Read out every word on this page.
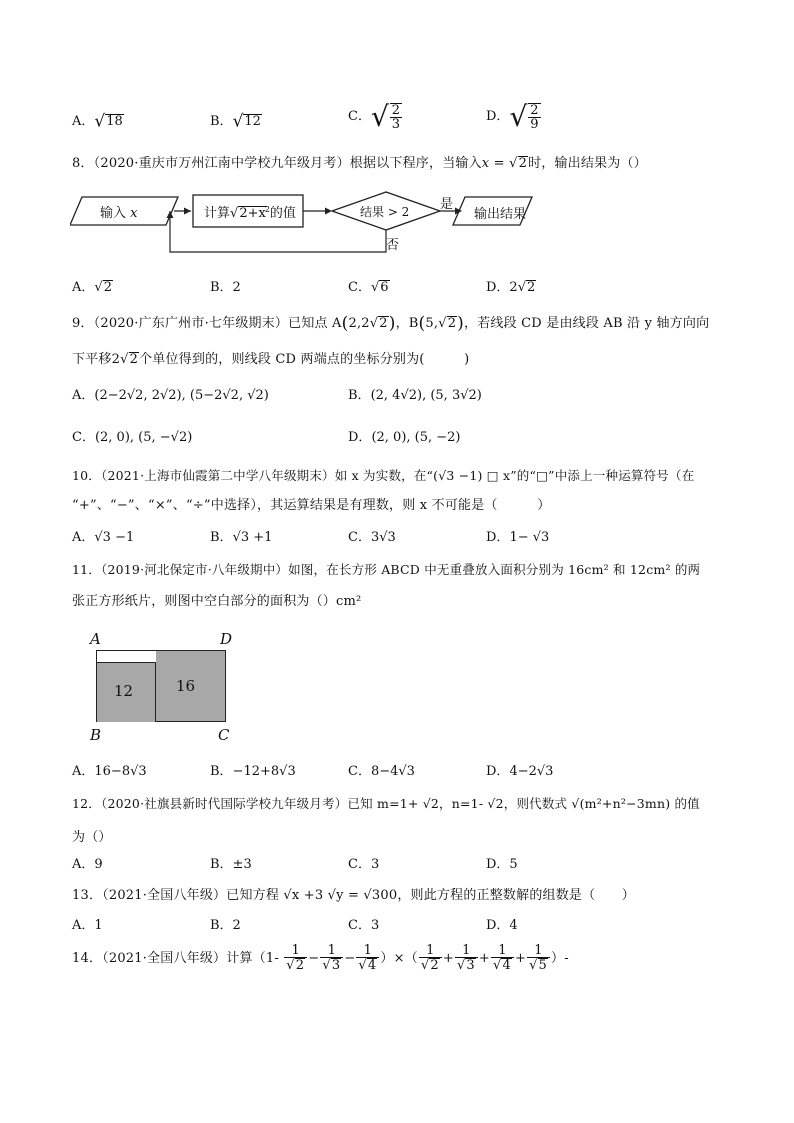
A．√18	B．√12	C．√ $\frac{2}{3}$	D．√ $\frac{2}{9}$
8．（2020·重庆市万州江南中学校九年级月考）根据以下程序，当输入x = √2时，输出结果为（）
输入 x	计算$√2+x^2$的值	结果 > 2 是
否
输出结果
A．√2	B．2	C．√6	D．2√2
9．（2020·广东广州市·七年级期末）已知点 A(2,2√2)，B(5,√2)，若线段 CD 是由线段 AB 沿 y 轴方向向
下平移2√2个单位得到的，则线段 CD 两端点的坐标分别为(　　　)
A．(2−2√2, 2√2), (5−2√2, √2)	B．(2, 4√2), (5, 3√2)
C．(2, 0), (5, −√2)	D．(2, 0), (5, −2)
10．（2021·上海市仙霞第二中学八年级期末）如 x 为实数，在“(√3 −1) □ x”的“□”中添上一种运算符号（在
“+”、“−”、“×”、“÷”中选择），其运算结果是有理数，则 x 不可能是（　　　）
A．√3 −1	B．√3 +1	C．3√3	D．1− √3
11．（2019·河北保定市·八年级期中）如图，在长方形 ABCD 中无重叠放入面积分别为 16cm² 和 12cm² 的两
张正方形纸片，则图中空白部分的面积为（）cm²
A	D
B	C
12	16
A．16−8√3	B．−12+8√3	C．8−4√3	D．4−2√3
12．（2020·社旗县新时代国际学校九年级月考）已知 m=1+ √2，n=1- √2，则代数式 √(m²+n²−3mn) 的值
为（）
A．9	B．±3	C．3	D．5
13．（2021·全国八年级）已知方程 √x +3 √y = √300，则此方程的正整数解的组数是（　　）
A．1	B．2	C．3	D．4
14．（2021·全国八年级）计算（$1- \frac{1}{√2} - \frac{1}{√3} - \frac{1}{√4}$ ）×（ $\frac{1}{√2} + \frac{1}{√3} + \frac{1}{√4} + \frac{1}{√5}$ ）-
